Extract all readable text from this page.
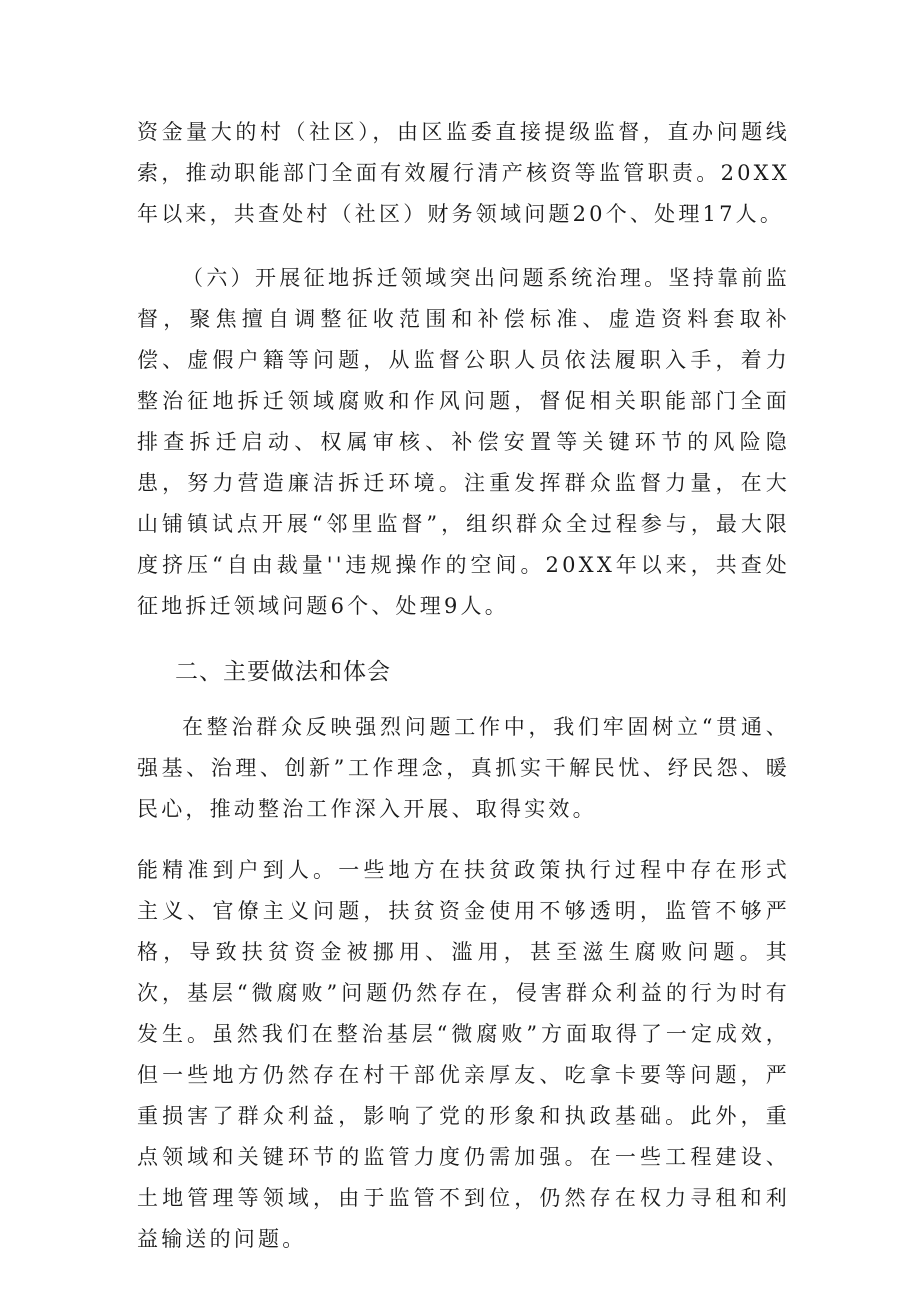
资金量大的村（社区），由区监委直接提级监督，直办问题线索，推动职能部门全面有效履行清产核资等监管职责。20XX年以来，共查处村（社区）财务领域问题20个、处理17人。

（六）开展征地拆迁领域突出问题系统治理。坚持靠前监督，聚焦擅自调整征收范围和补偿标准、虚造资料套取补偿、虚假户籍等问题，从监督公职人员依法履职入手，着力整治征地拆迁领域腐败和作风问题，督促相关职能部门全面排查拆迁启动、权属审核、补偿安置等关键环节的风险隐患，努力营造廉洁拆迁环境。注重发挥群众监督力量，在大山铺镇试点开展“邻里监督”，组织群众全过程参与，最大限度挤压“自由裁量''违规操作的空间。20XX年以来，共查处征地拆迁领域问题6个、处理9人。

二、主要做法和体会

在整治群众反映强烈问题工作中，我们牢固树立“贯通、强基、治理、创新”工作理念，真抓实干解民忧、纾民怨、暖民心，推动整治工作深入开展、取得实效。

能精准到户到人。一些地方在扶贫政策执行过程中存在形式主义、官僚主义问题，扶贫资金使用不够透明，监管不够严格，导致扶贫资金被挪用、滥用，甚至滋生腐败问题。其次，基层“微腐败”问题仍然存在，侵害群众利益的行为时有发生。虽然我们在整治基层“微腐败”方面取得了一定成效，但一些地方仍然存在村干部优亲厚友、吃拿卡要等问题，严重损害了群众利益，影响了党的形象和执政基础。此外，重点领域和关键环节的监管力度仍需加强。在一些工程建设、土地管理等领域，由于监管不到位，仍然存在权力寻租和利益输送的问题。
